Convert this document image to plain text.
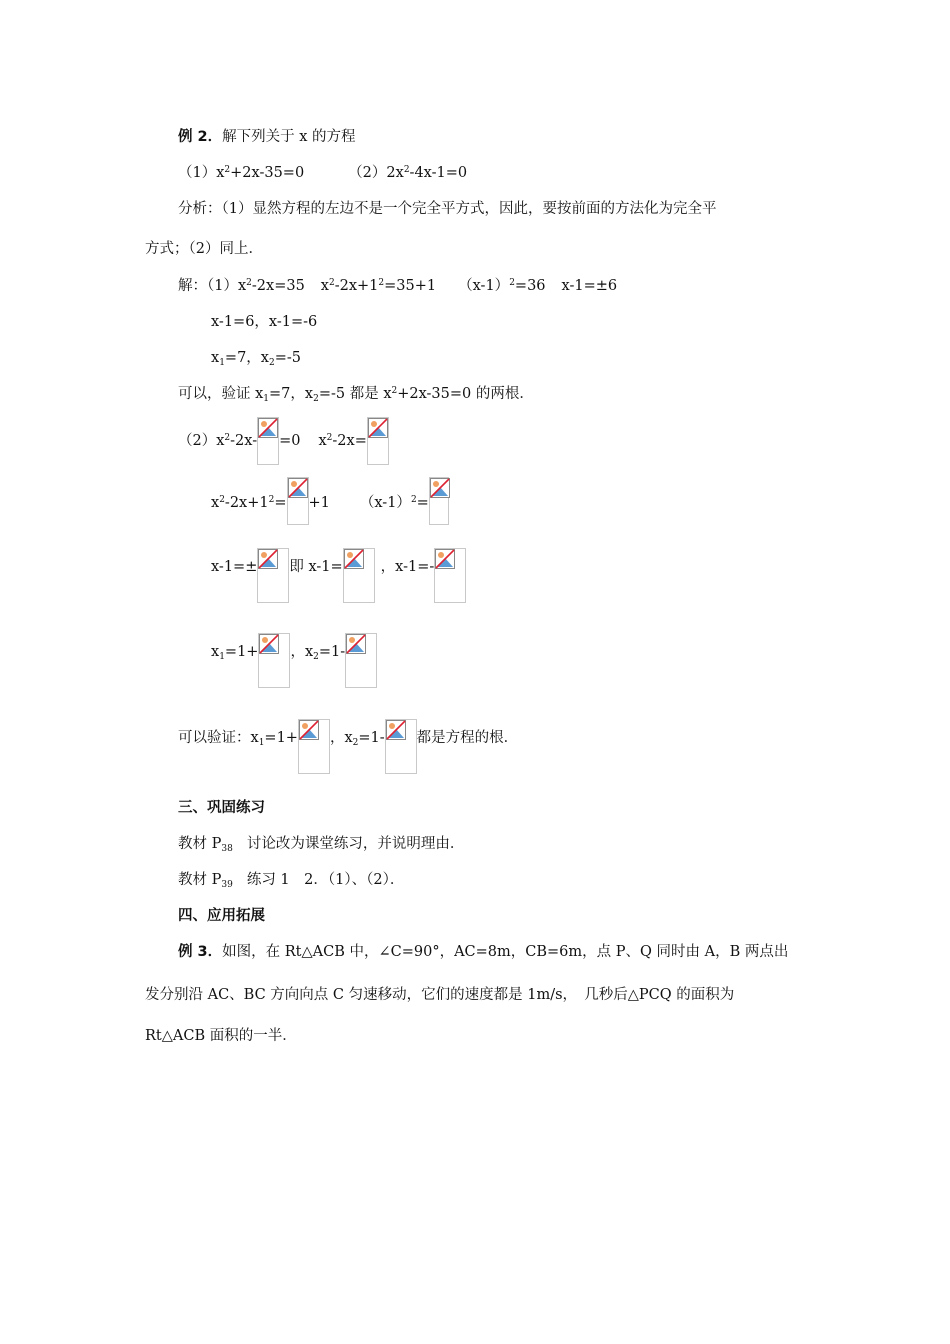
例 2．解下列关于 x 的方程
$(1)x^2+2x-35=0$	$(2)2x^2-4x-1=0$
分析：（1）显然方程的左边不是一个完全平方式，因此，要按前面的方法化为完全平
方式；（2）同上．
解：$(1)x^2-2x=35$ $x^2-2x+1^2=35+1$ $(x-1)^2=36$ x-1=±6
x-1=6，x-1=-6
$x_1=7$，$x_2=-5$
可以，验证 $x_1=7$，$x_2=-5$ 都是 $x^2+2x-35=0$ 的两根．
$(2)x^2-2x- =0$ $x^2-2x=$
$x^2-2x+1^2= +1$ $(x-1)^2=$
x-1=± 即 x-1=	，x-1=-
$x_1=1+$ ，$x_2=1-$
可以验证：$x_1=1+$ ，$x_2=1-$ 都是方程的根．
三、巩固练习
教材 $P_{38}$ 讨论改为课堂练习，并说明理由．
教材 $P_{39}$ 练习 1　2．（1）、（2）．
四、应用拓展
例 3．如图，在 Rt△ACB 中，∠C=90°，AC=8m，CB=6m，点 P、Q 同时由 A，B 两点出
发分别沿 AC、BC 方向向点 C 匀速移动，它们的速度都是 1m/s，　几秒后△PCQ 的面积为
Rt△ACB 面积的一半．
